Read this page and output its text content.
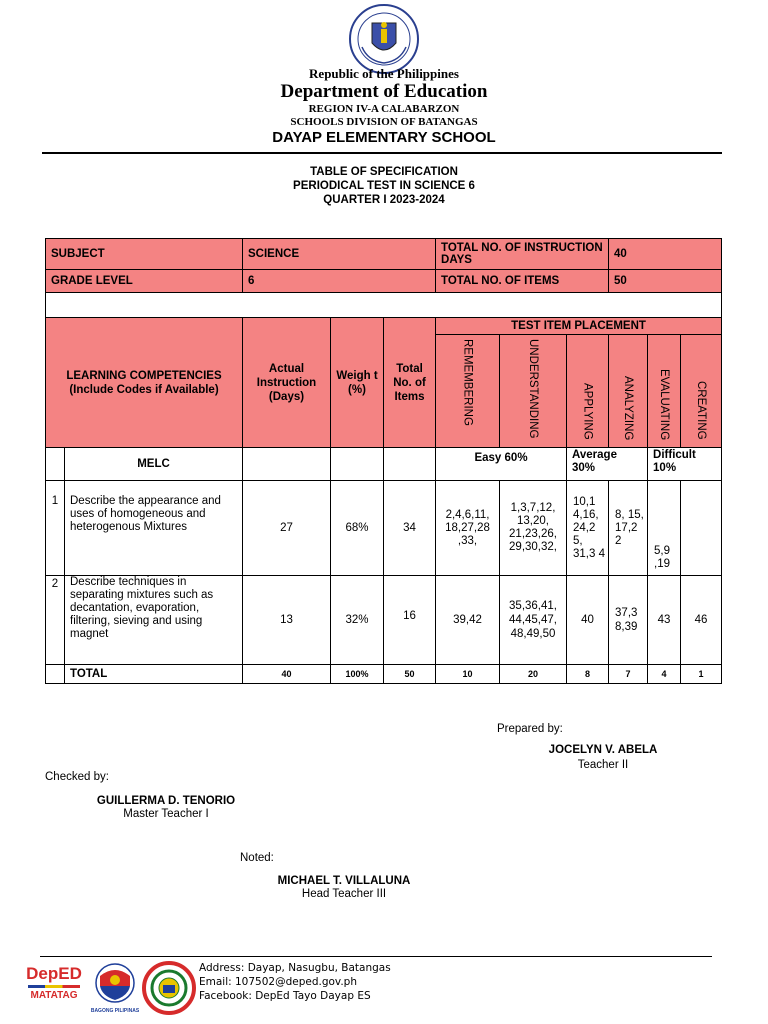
Republic of the Philippines
Department of Education
REGION IV-A CALABARZON
SCHOOLS DIVISION OF BATANGAS
DAYAP ELEMENTARY SCHOOL
TABLE OF SPECIFICATION
PERIODICAL TEST IN SCIENCE 6
QUARTER I 2023-2024
SUBJECT		SCIENCE			TOTAL NO. OF INSTRUCTION DAYS			40		
GRADE LEVEL		6			TOTAL NO. OF ITEMS			50		

LEARNING COMPETENCIES (Include Codes if Available)		Actual Instruction (Days)	Weigh t (%)	Total No. of Items	TEST ITEM PLACEMENT					
					REMEMBERING	UNDERSTANDING	APPLYING	ANALYZING	EVALUATING	CREATING
	MELC				Easy 60%		Average 30%		Difficult 10%	
1	Describe the appearance and uses of homogeneous and heterogenous Mixtures	27	68%	34	2,4,6,11, 18,27,28 ,33,	1,3,7,12, 13,20, 21,23,26, 29,30,32,	10,1 4,16, 24,2 5, 31,3 4	8, 15, 17,2 2	5,9 ,19	
2	Describe techniques in separating mixtures such as decantation, evaporation, filtering, sieving and using magnet	13	32%	16	39,42	35,36,41, 44,45,47, 48,49,50	40	37,3 8,39	43	46
	TOTAL	40	100%	50	10	20	8	7	4	1
Prepared by:
JOCELYN V. ABELA
Teacher II
Checked by:
GUILLERMA D. TENORIO
Master Teacher I
Noted:
MICHAEL T. VILLALUNA
Head Teacher III
DepED
MATATAG
BAGONG PILIPINAS
Address: Dayap, Nasugbu, Batangas
Email: 107502@deped.gov.ph
Facebook: DepEd Tayo Dayap ES
